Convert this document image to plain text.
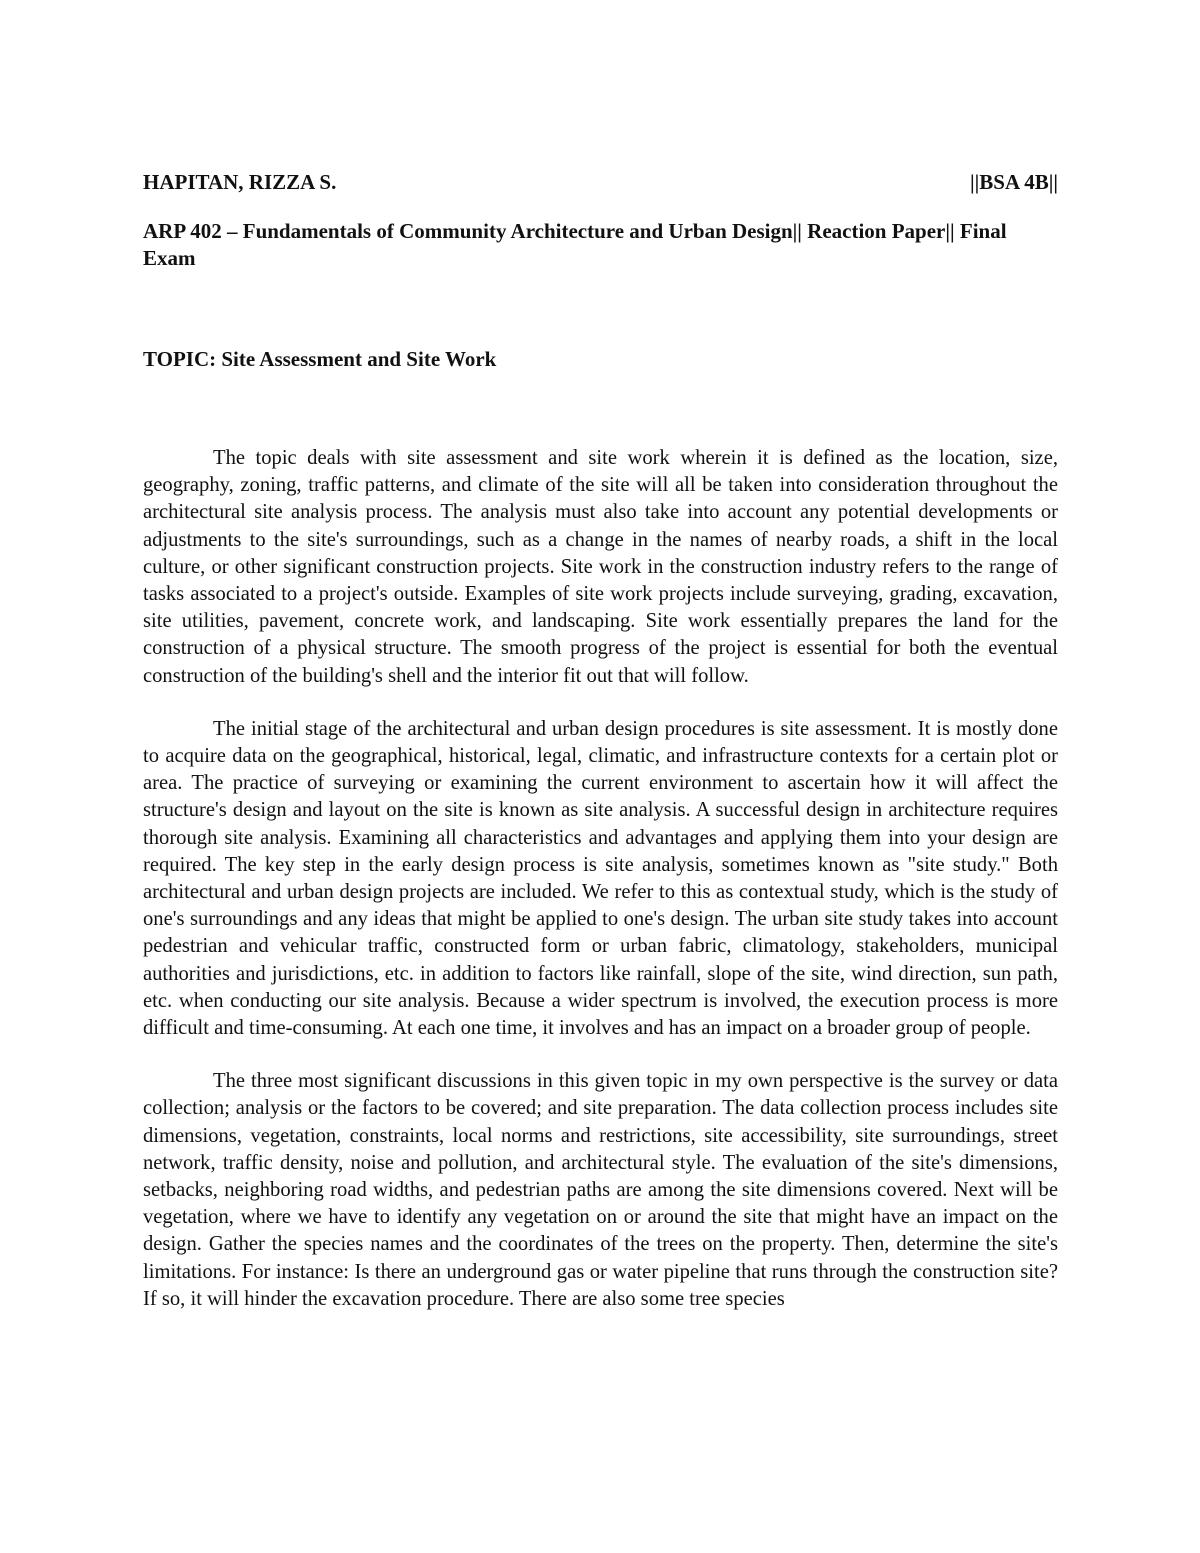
HAPITAN, RIZZA S.	||BSA 4B||
ARP 402 – Fundamentals of Community Architecture and Urban Design|| Reaction Paper|| Final Exam
TOPIC: Site Assessment and Site Work

The topic deals with site assessment and site work wherein it is defined as the location, size, geography, zoning, traffic patterns, and climate of the site will all be taken into consideration throughout the architectural site analysis process. The analysis must also take into account any potential developments or adjustments to the site's surroundings, such as a change in the names of nearby roads, a shift in the local culture, or other significant construction projects. Site work in the construction industry refers to the range of tasks associated to a project's outside. Examples of site work projects include surveying, grading, excavation, site utilities, pavement, concrete work, and landscaping. Site work essentially prepares the land for the construction of a physical structure. The smooth progress of the project is essential for both the eventual construction of the building's shell and the interior fit out that will follow.

The initial stage of the architectural and urban design procedures is site assessment. It is mostly done to acquire data on the geographical, historical, legal, climatic, and infrastructure contexts for a certain plot or area. The practice of surveying or examining the current environment to ascertain how it will affect the structure's design and layout on the site is known as site analysis. A successful design in architecture requires thorough site analysis. Examining all characteristics and advantages and applying them into your design are required. The key step in the early design process is site analysis, sometimes known as "site study." Both architectural and urban design projects are included. We refer to this as contextual study, which is the study of one's surroundings and any ideas that might be applied to one's design. The urban site study takes into account pedestrian and vehicular traffic, constructed form or urban fabric, climatology, stakeholders, municipal authorities and jurisdictions, etc. in addition to factors like rainfall, slope of the site, wind direction, sun path, etc. when conducting our site analysis. Because a wider spectrum is involved, the execution process is more difficult and time-consuming. At each one time, it involves and has an impact on a broader group of people.

The three most significant discussions in this given topic in my own perspective is the survey or data collection; analysis or the factors to be covered; and site preparation. The data collection process includes site dimensions, vegetation, constraints, local norms and restrictions, site accessibility, site surroundings, street network, traffic density, noise and pollution, and architectural style. The evaluation of the site's dimensions, setbacks, neighboring road widths, and pedestrian paths are among the site dimensions covered. Next will be vegetation, where we have to identify any vegetation on or around the site that might have an impact on the design. Gather the species names and the coordinates of the trees on the property. Then, determine the site's limitations. For instance: Is there an underground gas or water pipeline that runs through the construction site? If so, it will hinder the excavation procedure. There are also some tree species
